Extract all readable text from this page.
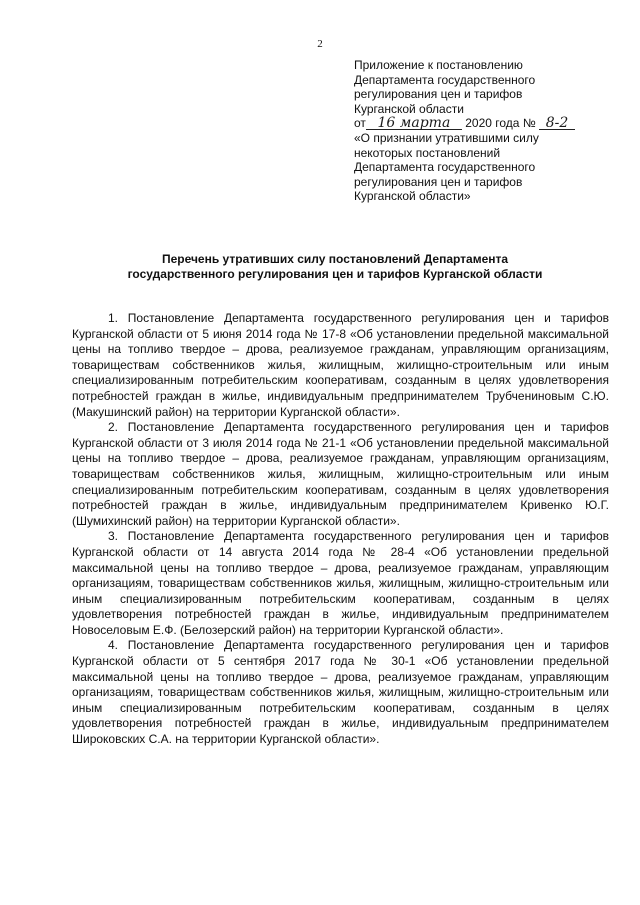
2
Приложение к постановлению
Департамента государственного
регулирования цен и тарифов
Курганской области
от 16 марта 2020 года № 8-2
«О признании утратившими силу
некоторых постановлений
Департамента государственного
регулирования цен и тарифов
Курганской области»
Перечень утративших силу постановлений Департамента
государственного регулирования цен и тарифов Курганской области

1. Постановление Департамента государственного регулирования цен и тарифов Курганской области от 5 июня 2014 года № 17-8 «Об установлении предельной максимальной цены на топливо твердое – дрова, реализуемое гражданам, управляющим организациям, товариществам собственников жилья, жилищным, жилищно-строительным или иным специализированным потребительским кооперативам, созданным в целях удовлетворения потребностей граждан в жилье, индивидуальным предпринимателем Трубчениновым С.Ю. (Макушинский район) на территории Курганской области».

2. Постановление Департамента государственного регулирования цен и тарифов Курганской области от 3 июля 2014 года № 21-1 «Об установлении предельной максимальной цены на топливо твердое – дрова, реализуемое гражданам, управляющим организациям, товариществам собственников жилья, жилищным, жилищно-строительным или иным специализированным потребительским кооперативам, созданным в целях удовлетворения потребностей граждан в жилье, индивидуальным предпринимателем Кривенко Ю.Г. (Шумихинский район) на территории Курганской области».

3. Постановление Департамента государственного регулирования цен и тарифов Курганской области от 14 августа 2014 года № 28-4 «Об установлении предельной максимальной цены на топливо твердое – дрова, реализуемое гражданам, управляющим организациям, товариществам собственников жилья, жилищным, жилищно-строительным или иным специализированным потребительским кооперативам, созданным в целях удовлетворения потребностей граждан в жилье, индивидуальным предпринимателем Новоселовым Е.Ф. (Белозерский район) на территории Курганской области».

4. Постановление Департамента государственного регулирования цен и тарифов Курганской области от 5 сентября 2017 года № 30-1 «Об установлении предельной максимальной цены на топливо твердое – дрова, реализуемое гражданам, управляющим организациям, товариществам собственников жилья, жилищным, жилищно-строительным или иным специализированным потребительским кооперативам, созданным в целях удовлетворения потребностей граждан в жилье, индивидуальным предпринимателем Широковских С.А. на территории Курганской области».
